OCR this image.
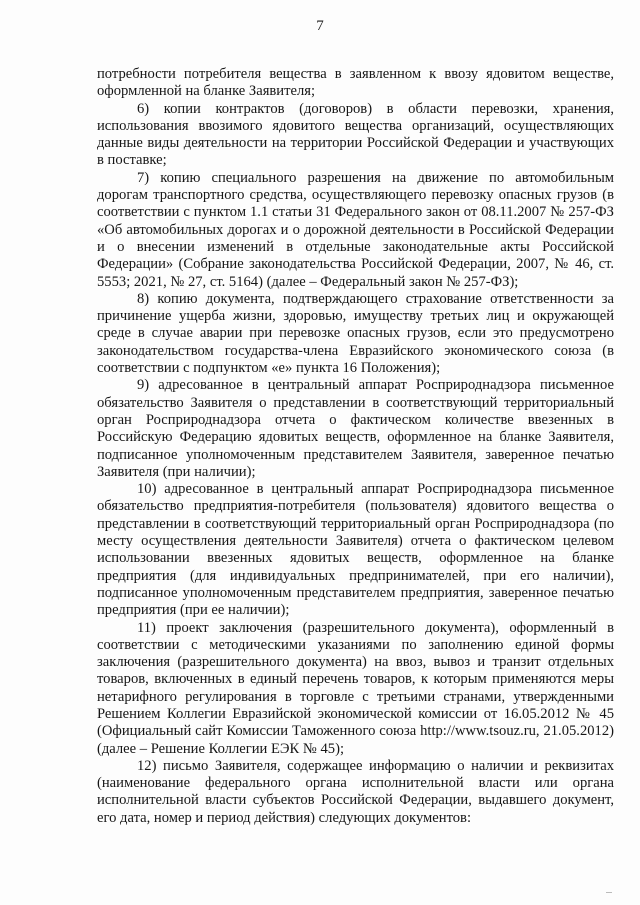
7

потребности потребителя вещества в заявленном к ввозу ядовитом веществе, оформленной на бланке Заявителя;

6) копии контрактов (договоров) в области перевозки, хранения, использования ввозимого ядовитого вещества организаций, осуществляющих данные виды деятельности на территории Российской Федерации и участвующих в поставке;

7) копию специального разрешения на движение по автомобильным дорогам транспортного средства, осуществляющего перевозку опасных грузов (в соответствии с пунктом 1.1 статьи 31 Федерального закон от 08.11.2007 № 257-ФЗ «Об автомобильных дорогах и о дорожной деятельности в Российской Федерации и о внесении изменений в отдельные законодательные акты Российской Федерации» (Собрание законодательства Российской Федерации, 2007, № 46, ст. 5553; 2021, № 27, ст. 5164) (далее – Федеральный закон № 257-ФЗ);

8) копию документа, подтверждающего страхование ответственности за причинение ущерба жизни, здоровью, имуществу третьих лиц и окружающей среде в случае аварии при перевозке опасных грузов, если это предусмотрено законодательством государства-члена Евразийского экономического союза (в соответствии с подпунктом «е» пункта 16 Положения);

9) адресованное в центральный аппарат Росприроднадзора письменное обязательство Заявителя о представлении в соответствующий территориальный орган Росприроднадзора отчета о фактическом количестве ввезенных в Российскую Федерацию ядовитых веществ, оформленное на бланке Заявителя, подписанное уполномоченным представителем Заявителя, заверенное печатью Заявителя (при наличии);

10) адресованное в центральный аппарат Росприроднадзора письменное обязательство предприятия-потребителя (пользователя) ядовитого вещества о представлении в соответствующий территориальный орган Росприроднадзора (по месту осуществления деятельности Заявителя) отчета о фактическом целевом использовании ввезенных ядовитых веществ, оформленное на бланке предприятия (для индивидуальных предпринимателей, при его наличии), подписанное уполномоченным представителем предприятия, заверенное печатью предприятия (при ее наличии);

11) проект заключения (разрешительного документа), оформленный в соответствии с методическими указаниями по заполнению единой формы заключения (разрешительного документа) на ввоз, вывоз и транзит отдельных товаров, включенных в единый перечень товаров, к которым применяются меры нетарифного регулирования в торговле с третьими странами, утвержденными Решением Коллегии Евразийской экономической комиссии от 16.05.2012 № 45 (Официальный сайт Комиссии Таможенного союза http://www.tsouz.ru, 21.05.2012) (далее – Решение Коллегии ЕЭК № 45);

12) письмо Заявителя, содержащее информацию о наличии и реквизитах (наименование федерального органа исполнительной власти или органа исполнительной власти субъектов Российской Федерации, выдавшего документ, его дата, номер и период действия) следующих документов:
